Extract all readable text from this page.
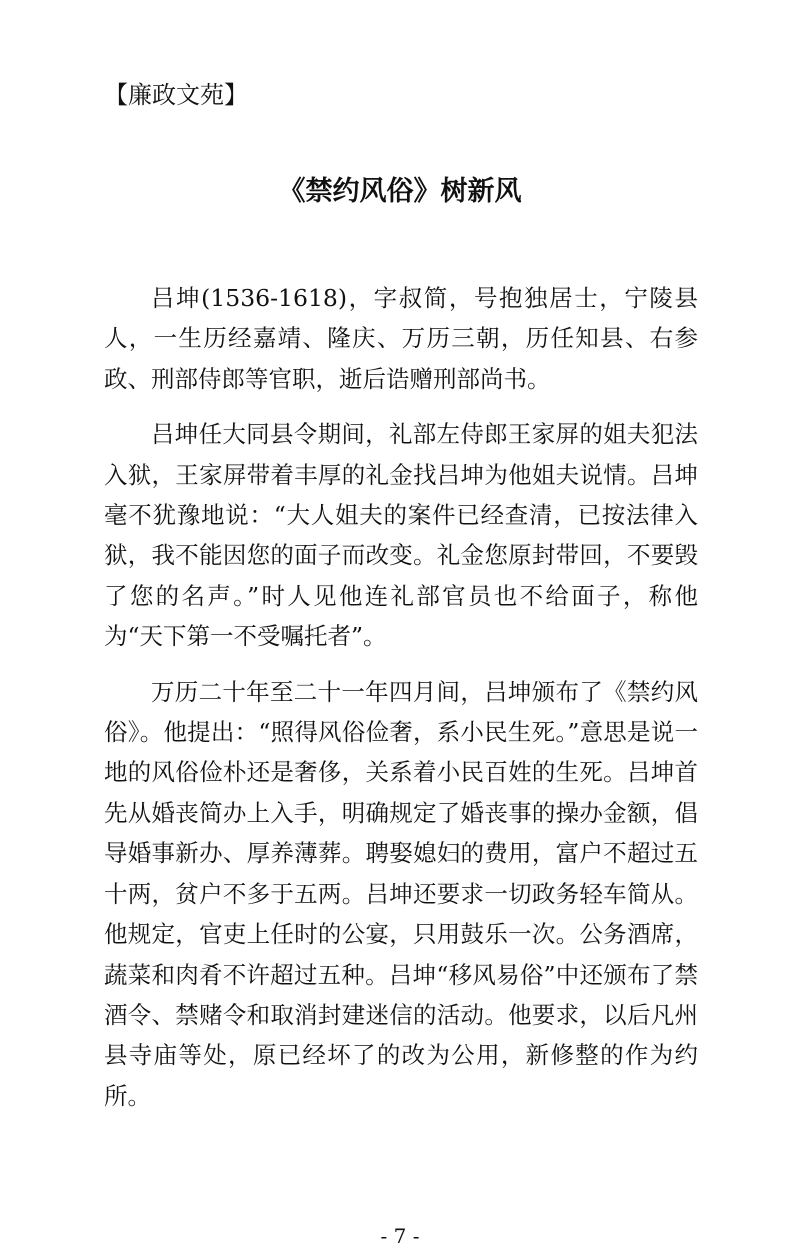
【廉政文苑】
《禁约风俗》树新风

吕坤(1536-1618)，字叔简，号抱独居士，宁陵县人，一生历经嘉靖、隆庆、万历三朝，历任知县、右参政、刑部侍郎等官职，逝后诰赠刑部尚书。

吕坤任大同县令期间，礼部左侍郎王家屏的姐夫犯法入狱，王家屏带着丰厚的礼金找吕坤为他姐夫说情。吕坤毫不犹豫地说：“大人姐夫的案件已经查清，已按法律入狱，我不能因您的面子而改变。礼金您原封带回，不要毁了您的名声。”时人见他连礼部官员也不给面子，称他为“天下第一不受嘱托者”。

万历二十年至二十一年四月间，吕坤颁布了《禁约风俗》。他提出：“照得风俗俭奢，系小民生死。”意思是说一地的风俗俭朴还是奢侈，关系着小民百姓的生死。吕坤首先从婚丧简办上入手，明确规定了婚丧事的操办金额，倡导婚事新办、厚养薄葬。聘娶媳妇的费用，富户不超过五十两，贫户不多于五两。吕坤还要求一切政务轻车简从。他规定，官吏上任时的公宴，只用鼓乐一次。公务酒席，蔬菜和肉肴不许超过五种。吕坤“移风易俗”中还颁布了禁酒令、禁赌令和取消封建迷信的活动。他要求，以后凡州县寺庙等处，原已经坏了的改为公用，新修整的作为约所。

- 7 -
